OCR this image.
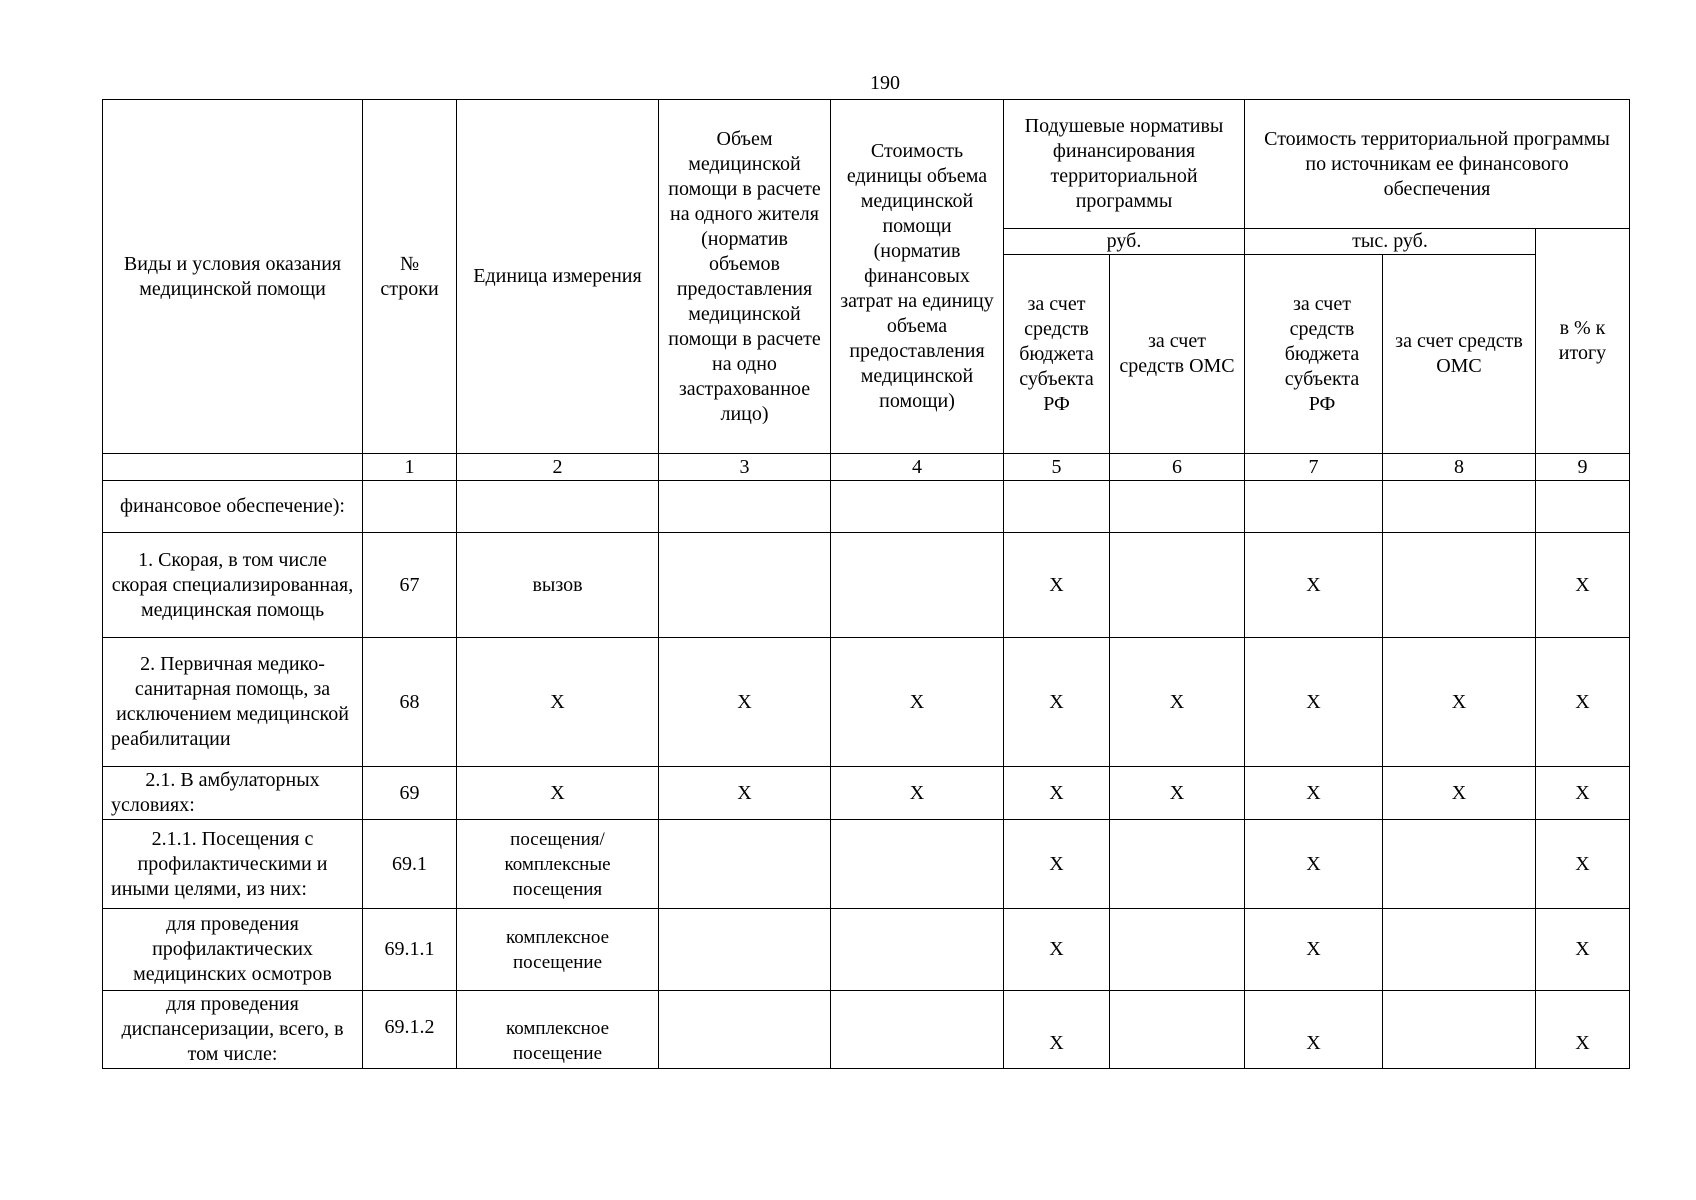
190
Виды и условия оказания медицинской помощи	№ строки	Единица измерения	Объем медицинской помощи в расчете на одного жителя (норматив объемов предоставления медицинской помощи в расчете на одно застрахованное лицо)	Стоимость единицы объема медицинской помощи (норматив финансовых затрат на единицу объема предоставления медицинской помощи)	Подушевые нормативы финансирования территориальной программы		Стоимость территориальной программы по источникам ее финансового обеспечения		
					руб.		тыс. руб.		в % к итогу
					за счет средств бюджета субъекта РФ	за счет средств ОМС	за счет средств бюджета субъекта РФ	за счет средств ОМС	
	1	2	3	4	5	6	7	8	9
финансовое обеспечение):									
1. Скорая, в том числе скорая специализированная, медицинская помощь	67	вызов			Х		Х		Х
2. Первичная медико-санитарная помощь, за исключением медицинской реабилитации	68	Х	Х	Х	Х	Х	Х	Х	Х
2.1. В амбулаторных условиях:	69	Х	Х	Х	Х	Х	Х	Х	Х
2.1.1. Посещения с профилактическими и иными целями, из них:	69.1	посещения/ комплексные посещения			Х		Х		Х
для проведения профилактических медицинских осмотров	69.1.1	комплексное посещение			Х		Х		Х
для проведения диспансеризации, всего, в том числе:	69.1.2	комплексное посещение			Х		Х		Х
